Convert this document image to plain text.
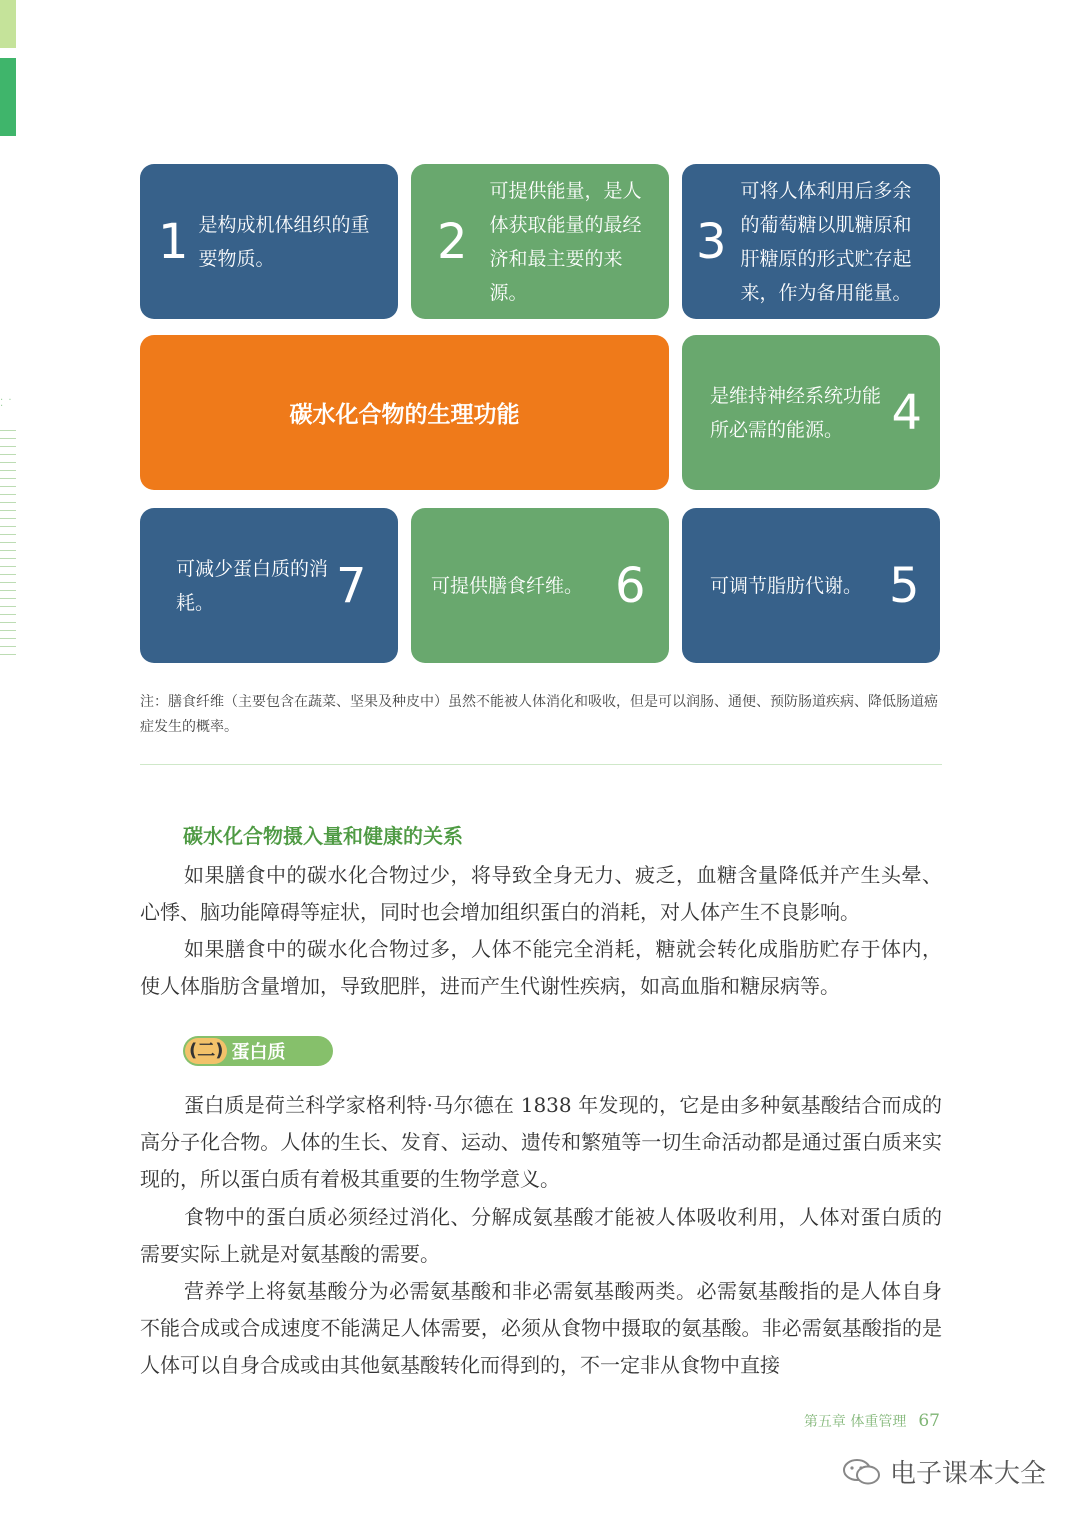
· · ·
1 是构成机体组织的重要物质。	2
可提供能量，是人体获取能量的最经济和最主要的来源。
3
可将人体利用后多余的葡萄糖以肌糖原和肝糖原的形式贮存起来，作为备用能量。
碳水化合物的生理功能
是维持神经系统功能所必需的能源。	4
可减少蛋白质的消耗。	7	可提供膳食纤维。 6	可调节脂肪代谢。 5
注：膳食纤维（主要包含在蔬菜、坚果及种皮中）虽然不能被人体消化和吸收，但是可以润肠、通便、预防肠道疾病、降低肠道癌症发生的概率。
碳水化合物摄入量和健康的关系
如果膳食中的碳水化合物过少，将导致全身无力、疲乏，血糖含量降低并产生头晕、心悸、脑功能障碍等症状，同时也会增加组织蛋白的消耗，对人体产生不良影响。
如果膳食中的碳水化合物过多，人体不能完全消耗，糖就会转化成脂肪贮存于体内，使人体脂肪含量增加，导致肥胖，进而产生代谢性疾病，如高血脂和糖尿病等。
(二) 蛋白质
蛋白质是荷兰科学家格利特·马尔德在 1838 年发现的，它是由多种氨基酸结合而成的高分子化合物。人体的生长、发育、运动、遗传和繁殖等一切生命活动都是通过蛋白质来实现的，所以蛋白质有着极其重要的生物学意义。
食物中的蛋白质必须经过消化、分解成氨基酸才能被人体吸收利用，人体对蛋白质的需要实际上就是对氨基酸的需要。
营养学上将氨基酸分为必需氨基酸和非必需氨基酸两类。必需氨基酸指的是人体自身不能合成或合成速度不能满足人体需要，必须从食物中摄取的氨基酸。非必需氨基酸指的是人体可以自身合成或由其他氨基酸转化而得到的，不一定非从食物中直接
第五章 体重管理 67
电子课本大全
